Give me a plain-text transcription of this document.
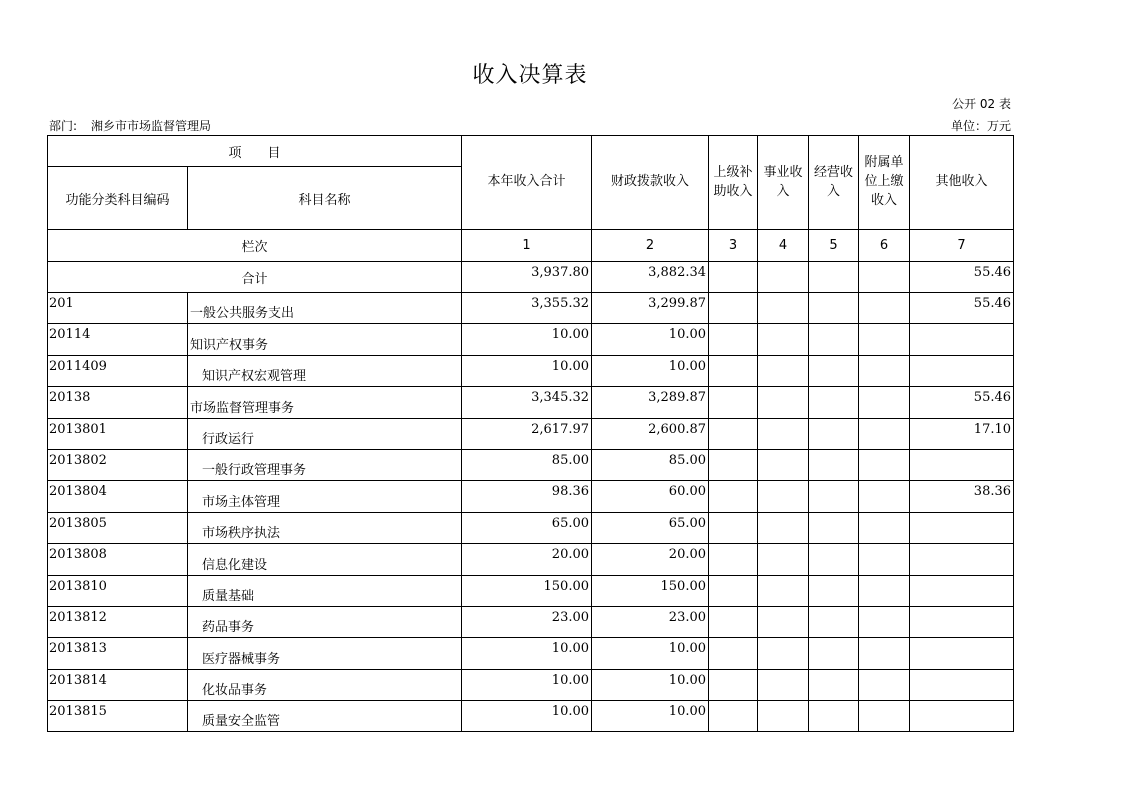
收入决算表
公开 02 表
部门: 湘乡市市场监督管理局	单位：万元
项　　目		本年收入合计	财政拨款收入	上级补助收入	事业收入	经营收入	附属单位上缴收入	其他收入
功能分类科目编码	科目名称							
栏次		1	2	3	4	5	6	7
合计		3,937.80	3,882.34					55.46
201	一般公共服务支出	3,355.32	3,299.87					55.46
20114	知识产权事务	10.00	10.00					
2011409	知识产权宏观管理	10.00	10.00					
20138	市场监督管理事务	3,345.32	3,289.87					55.46
2013801	行政运行	2,617.97	2,600.87					17.10
2013802	一般行政管理事务	85.00	85.00					
2013804	市场主体管理	98.36	60.00					38.36
2013805	市场秩序执法	65.00	65.00					
2013808	信息化建设	20.00	20.00					
2013810	质量基础	150.00	150.00					
2013812	药品事务	23.00	23.00					
2013813	医疗器械事务	10.00	10.00					
2013814	化妆品事务	10.00	10.00					
2013815	质量安全监管	10.00	10.00					
